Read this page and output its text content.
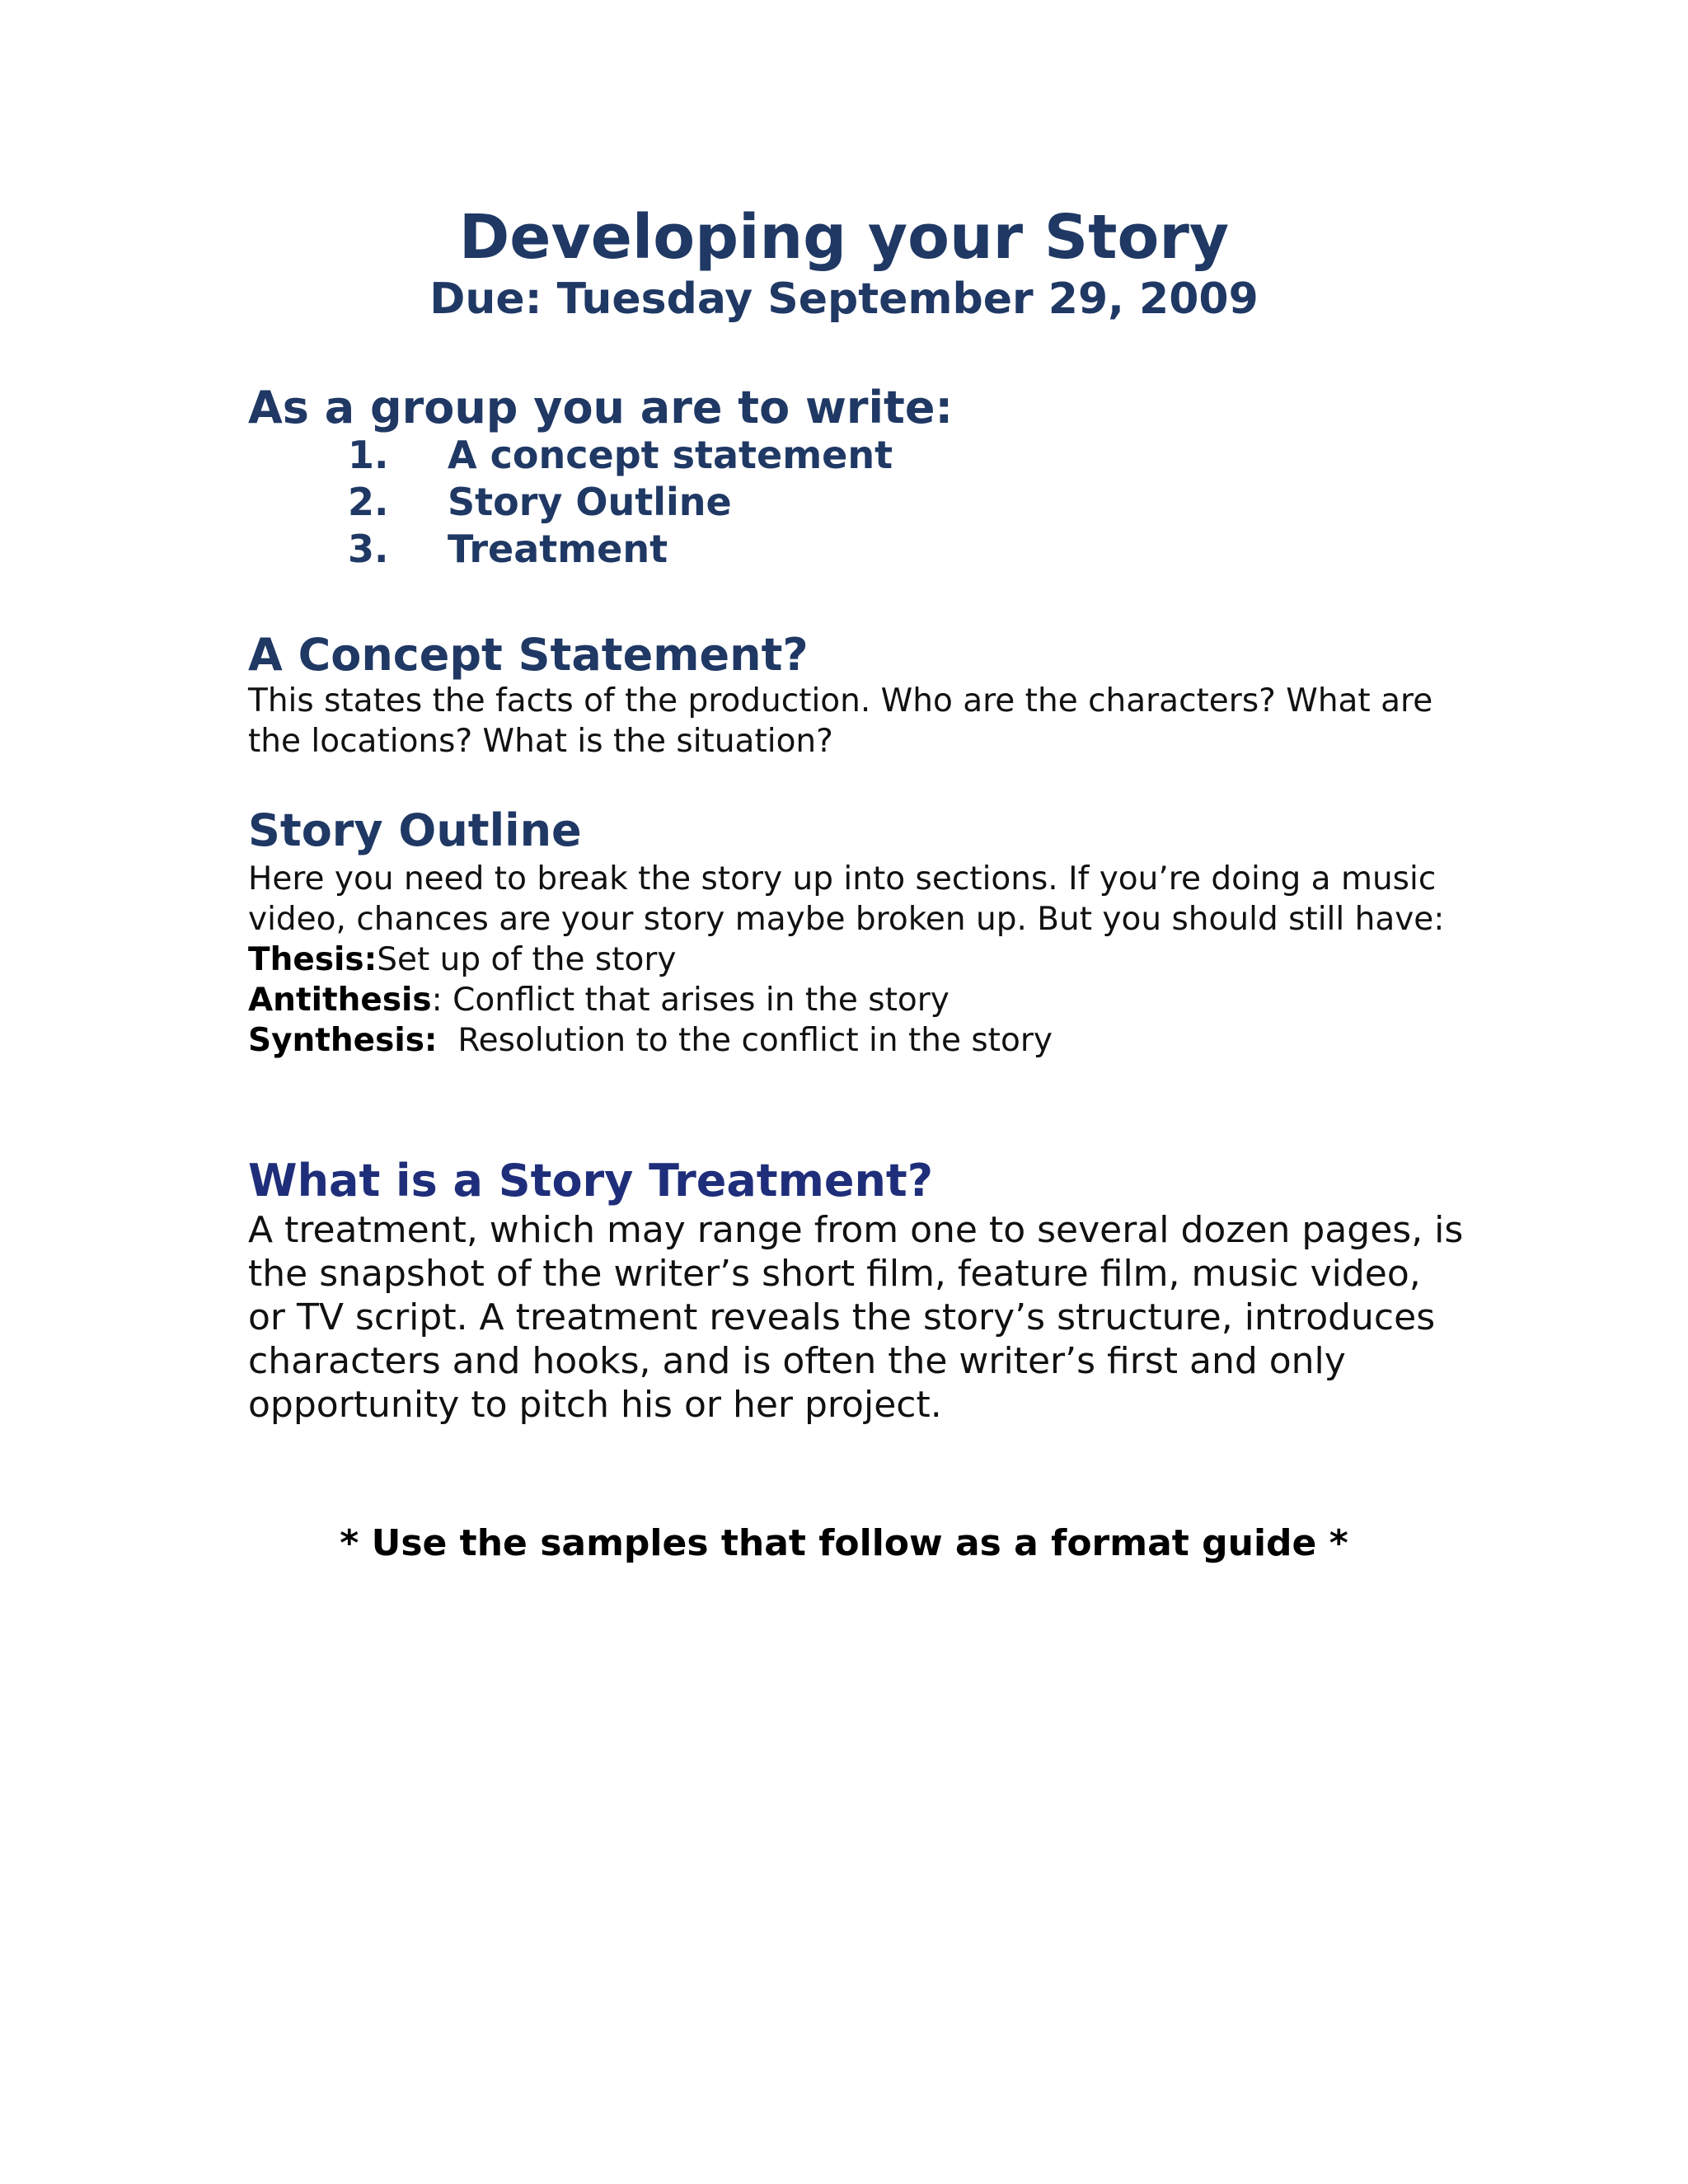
Developing your Story
Due: Tuesday September 29, 2009
As a group you are to write:
1. A concept statement
2. Story Outline
3. Treatment
A Concept Statement?

This states the facts of the production. Who are the characters? What are the locations? What is the situation?

Story Outline

Here you need to break the story up into sections. If you’re doing a music video, chances are your story maybe broken up. But you should still have:

Thesis:Set up of the story

Antithesis: Conflict that arises in the story

Synthesis:  Resolution to the conflict in the story

What is a Story Treatment?

A treatment, which may range from one to several dozen pages, is the snapshot of the writer’s short film, feature film, music video, or TV script. A treatment reveals the story’s structure, introduces characters and hooks, and is often the writer’s first and only opportunity to pitch his or her project.

* Use the samples that follow as a format guide *
